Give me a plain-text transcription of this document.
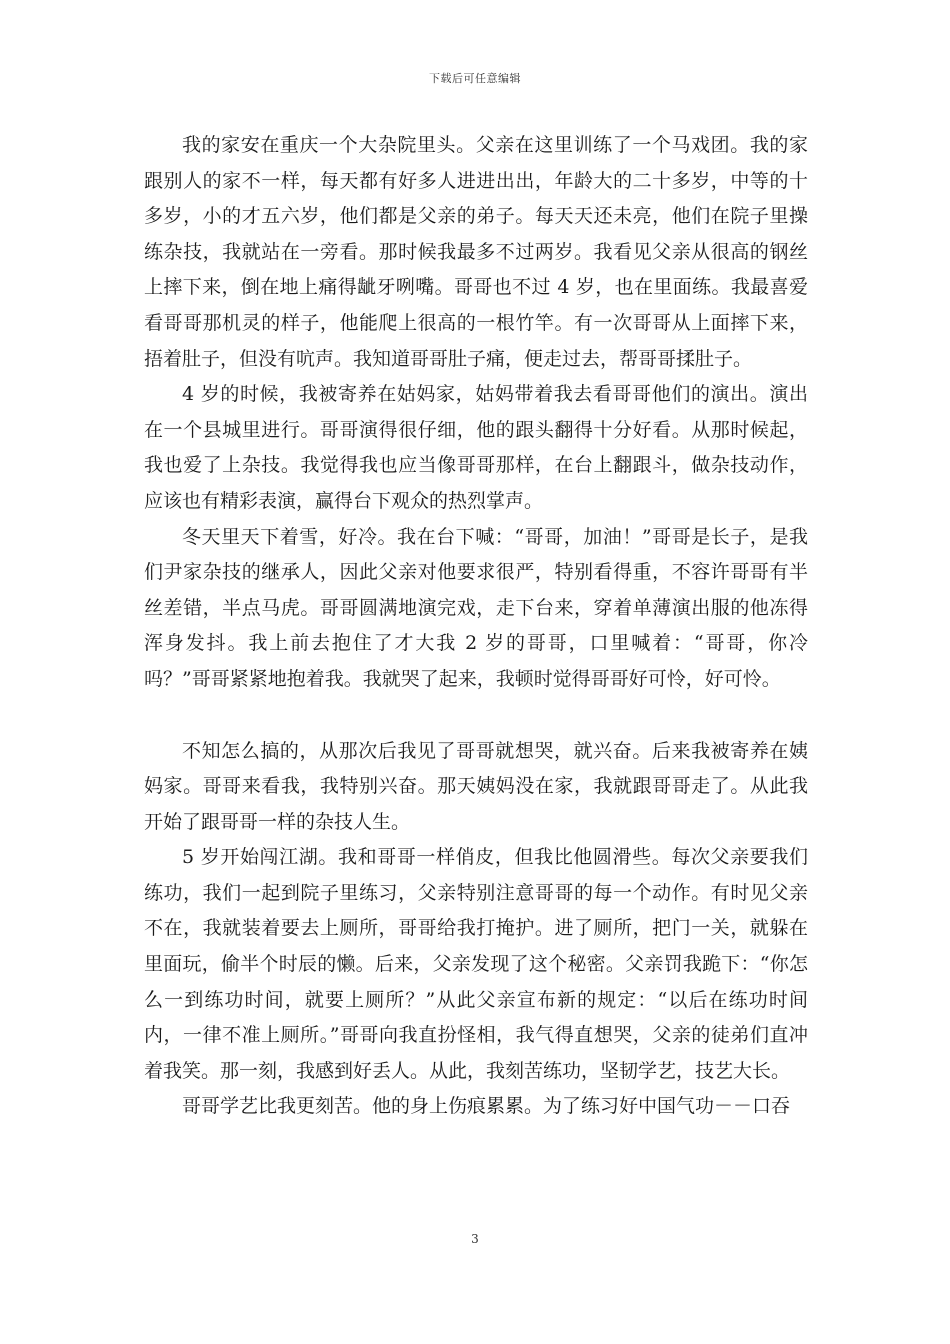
下载后可任意编辑

我的家安在重庆一个大杂院里头。父亲在这里训练了一个马戏团。我的家跟别人的家不一样，每天都有好多人进进出出，年龄大的二十多岁，中等的十多岁，小的才五六岁，他们都是父亲的弟子。每天天还未亮，他们在院子里操练杂技，我就站在一旁看。那时候我最多不过两岁。我看见父亲从很高的钢丝上摔下来，倒在地上痛得龇牙咧嘴。哥哥也不过 4 岁，也在里面练。我最喜爱看哥哥那机灵的样子，他能爬上很高的一根竹竿。有一次哥哥从上面摔下来，捂着肚子，但没有吭声。我知道哥哥肚子痛，便走过去，帮哥哥揉肚子。

4 岁的时候，我被寄养在姑妈家，姑妈带着我去看哥哥他们的演出。演出在一个县城里进行。哥哥演得很仔细，他的跟头翻得十分好看。从那时候起，我也爱了上杂技。我觉得我也应当像哥哥那样，在台上翻跟斗，做杂技动作，应该也有精彩表演，赢得台下观众的热烈掌声。

冬天里天下着雪，好冷。我在台下喊：“哥哥，加油！”哥哥是长子，是我们尹家杂技的继承人，因此父亲对他要求很严，特别看得重，不容许哥哥有半丝差错，半点马虎。哥哥圆满地演完戏，走下台来，穿着单薄演出服的他冻得浑身发抖。我上前去抱住了才大我 2 岁的哥哥，口里喊着：“哥哥，你冷吗？”哥哥紧紧地抱着我。我就哭了起来，我顿时觉得哥哥好可怜，好可怜。

不知怎么搞的，从那次后我见了哥哥就想哭，就兴奋。后来我被寄养在姨妈家。哥哥来看我，我特别兴奋。那天姨妈没在家，我就跟哥哥走了。从此我开始了跟哥哥一样的杂技人生。

5 岁开始闯江湖。我和哥哥一样俏皮，但我比他圆滑些。每次父亲要我们练功，我们一起到院子里练习，父亲特别注意哥哥的每一个动作。有时见父亲不在，我就装着要去上厕所，哥哥给我打掩护。进了厕所，把门一关，就躲在里面玩，偷半个时辰的懒。后来，父亲发现了这个秘密。父亲罚我跪下：“你怎么一到练功时间，就要上厕所？”从此父亲宣布新的规定：“以后在练功时间内，一律不准上厕所。”哥哥向我直扮怪相，我气得直想哭，父亲的徒弟们直冲着我笑。那一刻，我感到好丢人。从此，我刻苦练功，坚韧学艺，技艺大长。

哥哥学艺比我更刻苦。他的身上伤痕累累。为了练习好中国气功－－口吞

3
